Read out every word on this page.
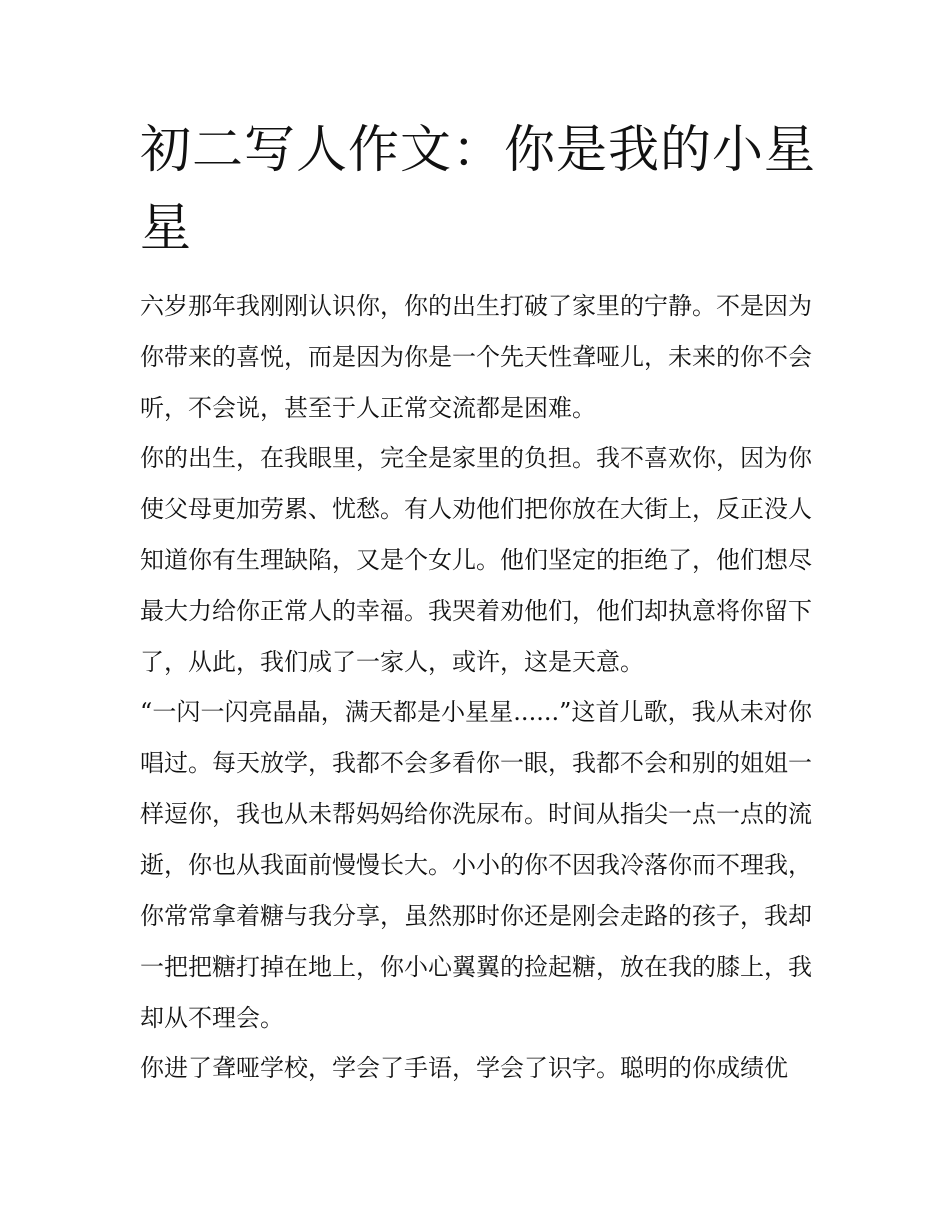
初二写人作文：你是我的小星星

六岁那年我刚刚认识你，你的出生打破了家里的宁静。不是因为你带来的喜悦，而是因为你是一个先天性聋哑儿，未来的你不会听，不会说，甚至于人正常交流都是困难。

你的出生，在我眼里，完全是家里的负担。我不喜欢你，因为你使父母更加劳累、忧愁。有人劝他们把你放在大街上，反正没人知道你有生理缺陷，又是个女儿。他们坚定的拒绝了，他们想尽最大力给你正常人的幸福。我哭着劝他们，他们却执意将你留下了，从此，我们成了一家人，或许，这是天意。

“一闪一闪亮晶晶，满天都是小星星......”这首儿歌，我从未对你唱过。每天放学，我都不会多看你一眼，我都不会和别的姐姐一样逗你，我也从未帮妈妈给你洗尿布。时间从指尖一点一点的流逝，你也从我面前慢慢长大。小小的你不因我冷落你而不理我，你常常拿着糖与我分享，虽然那时你还是刚会走路的孩子，我却一把把糖打掉在地上，你小心翼翼的捡起糖，放在我的膝上，我却从不理会。

你进了聋哑学校，学会了手语，学会了识字。聪明的你成绩优
